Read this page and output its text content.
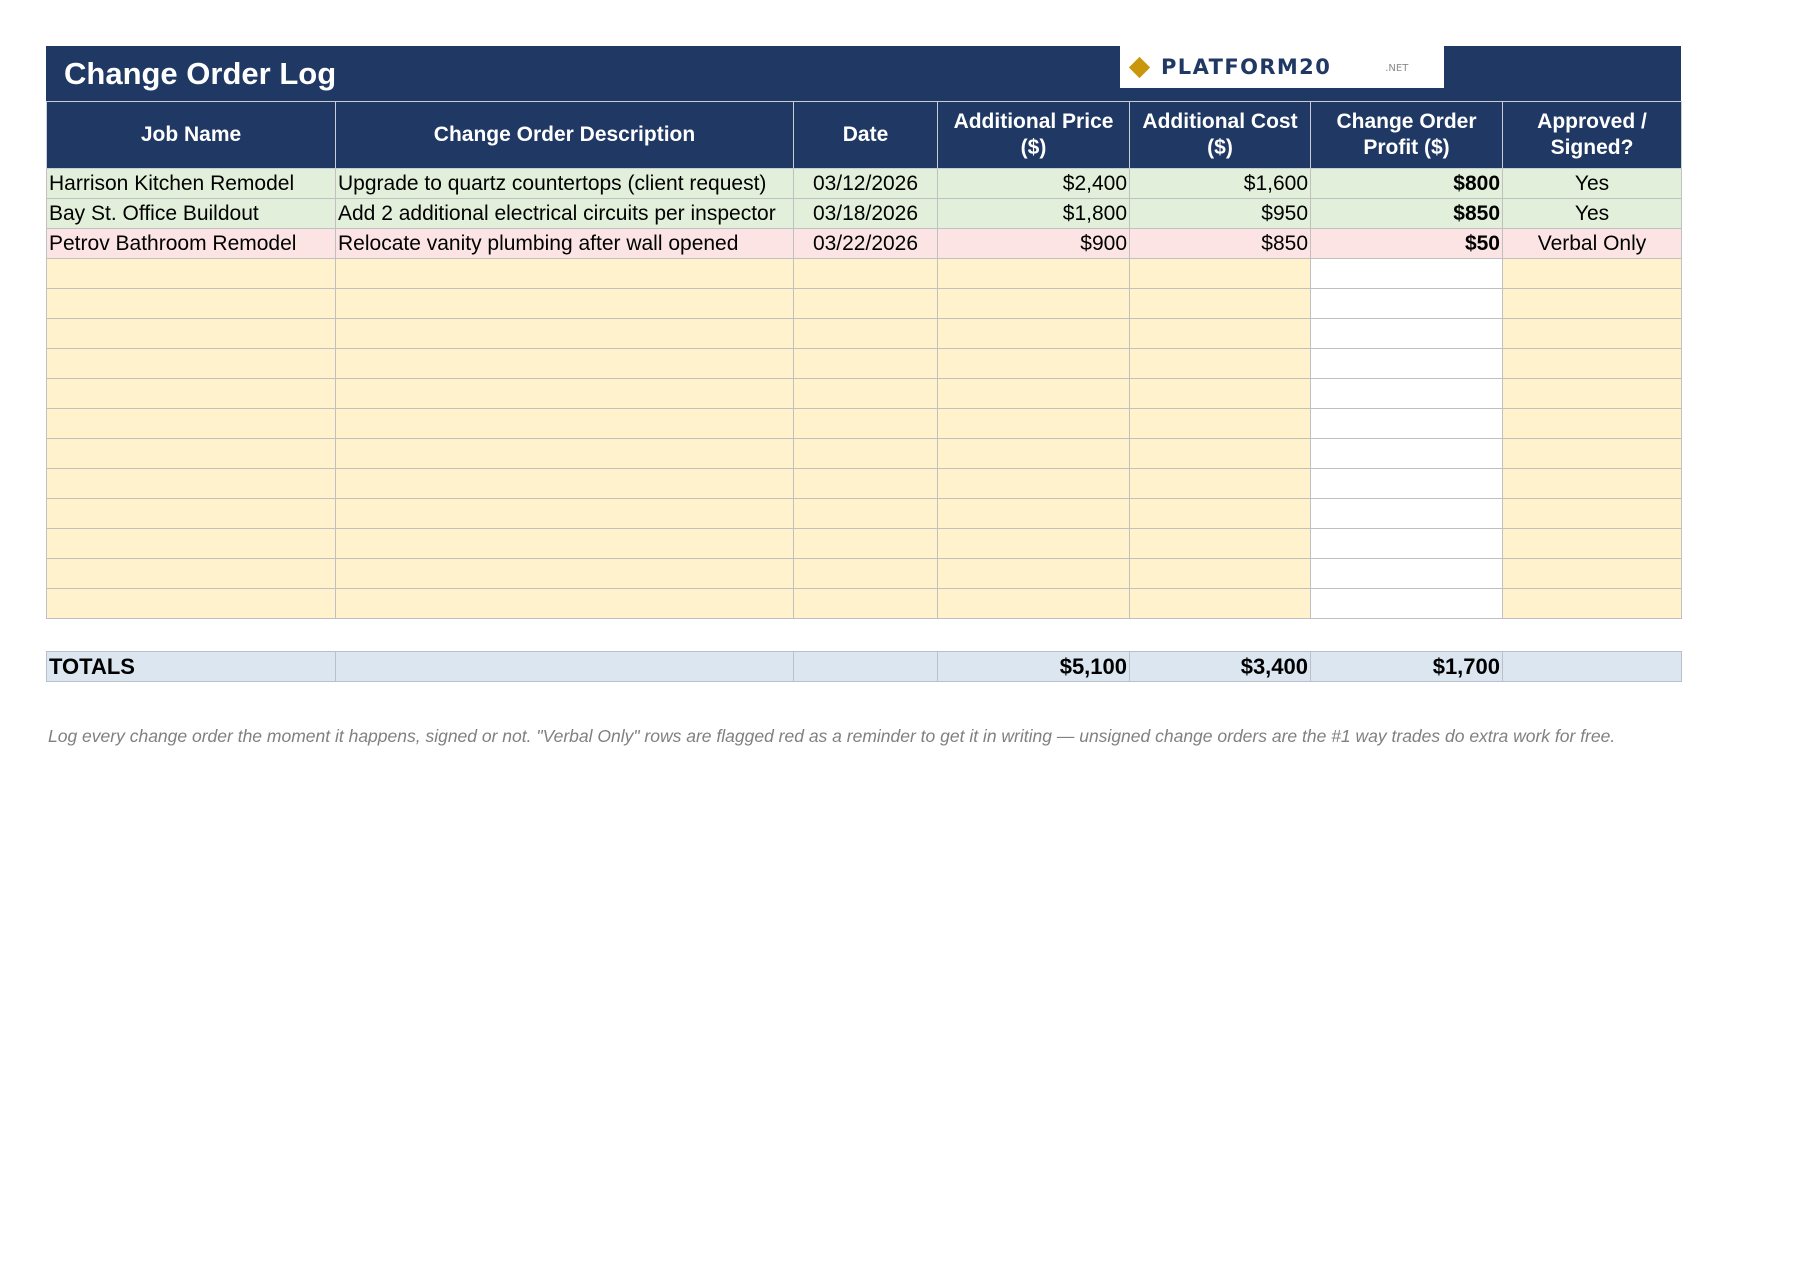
Change Order Log	PLATFORM20	.NET
Job Name	Change Order Description	Date	Additional Price ($)	Additional Cost ($)	Change Order Profit ($)	Approved / Signed?
Harrison Kitchen Remodel	Upgrade to quartz countertops (client request)	03/12/2026	$2,400	$1,600	$800	Yes
Bay St. Office Buildout	Add 2 additional electrical circuits per inspector	03/18/2026	$1,800	$950	$850	Yes
Petrov Bathroom Remodel	Relocate vanity plumbing after wall opened	03/22/2026	$900	$850	$50	Verbal Only

TOTALS			$5,100	$3,400	$1,700	
Log every change order the moment it happens, signed or not. "Verbal Only" rows are flagged red as a reminder to get it in writing — unsigned change orders are the #1 way trades do extra work for free.
